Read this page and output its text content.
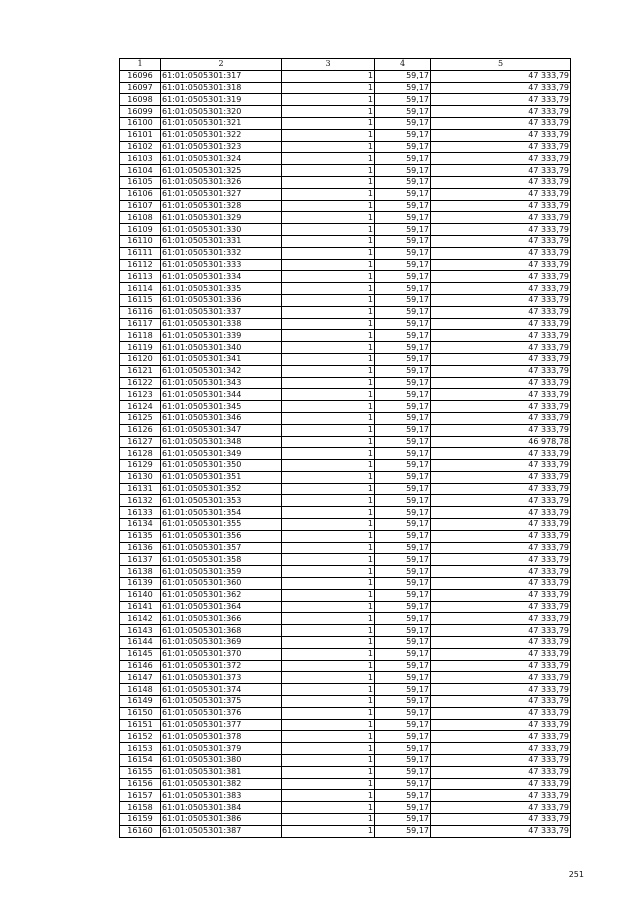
1	2	3	4	5
16096	61:01:0505301:317	1	59,17	47 333,79
16097	61:01:0505301:318	1	59,17	47 333,79
16098	61:01:0505301:319	1	59,17	47 333,79
16099	61:01:0505301:320	1	59,17	47 333,79
16100	61:01:0505301:321	1	59,17	47 333,79
16101	61:01:0505301:322	1	59,17	47 333,79
16102	61:01:0505301:323	1	59,17	47 333,79
16103	61:01:0505301:324	1	59,17	47 333,79
16104	61:01:0505301:325	1	59,17	47 333,79
16105	61:01:0505301:326	1	59,17	47 333,79
16106	61:01:0505301:327	1	59,17	47 333,79
16107	61:01:0505301:328	1	59,17	47 333,79
16108	61:01:0505301:329	1	59,17	47 333,79
16109	61:01:0505301:330	1	59,17	47 333,79
16110	61:01:0505301:331	1	59,17	47 333,79
16111	61:01:0505301:332	1	59,17	47 333,79
16112	61:01:0505301:333	1	59,17	47 333,79
16113	61:01:0505301:334	1	59,17	47 333,79
16114	61:01:0505301:335	1	59,17	47 333,79
16115	61:01:0505301:336	1	59,17	47 333,79
16116	61:01:0505301:337	1	59,17	47 333,79
16117	61:01:0505301:338	1	59,17	47 333,79
16118	61:01:0505301:339	1	59,17	47 333,79
16119	61:01:0505301:340	1	59,17	47 333,79
16120	61:01:0505301:341	1	59,17	47 333,79
16121	61:01:0505301:342	1	59,17	47 333,79
16122	61:01:0505301:343	1	59,17	47 333,79
16123	61:01:0505301:344	1	59,17	47 333,79
16124	61:01:0505301:345	1	59,17	47 333,79
16125	61:01:0505301:346	1	59,17	47 333,79
16126	61:01:0505301:347	1	59,17	47 333,79
16127	61:01:0505301:348	1	59,17	46 978,78
16128	61:01:0505301:349	1	59,17	47 333,79
16129	61:01:0505301:350	1	59,17	47 333,79
16130	61:01:0505301:351	1	59,17	47 333,79
16131	61:01:0505301:352	1	59,17	47 333,79
16132	61:01:0505301:353	1	59,17	47 333,79
16133	61:01:0505301:354	1	59,17	47 333,79
16134	61:01:0505301:355	1	59,17	47 333,79
16135	61:01:0505301:356	1	59,17	47 333,79
16136	61:01:0505301:357	1	59,17	47 333,79
16137	61:01:0505301:358	1	59,17	47 333,79
16138	61:01:0505301:359	1	59,17	47 333,79
16139	61:01:0505301:360	1	59,17	47 333,79
16140	61:01:0505301:362	1	59,17	47 333,79
16141	61:01:0505301:364	1	59,17	47 333,79
16142	61:01:0505301:366	1	59,17	47 333,79
16143	61:01:0505301:368	1	59,17	47 333,79
16144	61:01:0505301:369	1	59,17	47 333,79
16145	61:01:0505301:370	1	59,17	47 333,79
16146	61:01:0505301:372	1	59,17	47 333,79
16147	61:01:0505301:373	1	59,17	47 333,79
16148	61:01:0505301:374	1	59,17	47 333,79
16149	61:01:0505301:375	1	59,17	47 333,79
16150	61:01:0505301:376	1	59,17	47 333,79
16151	61:01:0505301:377	1	59,17	47 333,79
16152	61:01:0505301:378	1	59,17	47 333,79
16153	61:01:0505301:379	1	59,17	47 333,79
16154	61:01:0505301:380	1	59,17	47 333,79
16155	61:01:0505301:381	1	59,17	47 333,79
16156	61:01:0505301:382	1	59,17	47 333,79
16157	61:01:0505301:383	1	59,17	47 333,79
16158	61:01:0505301:384	1	59,17	47 333,79
16159	61:01:0505301:386	1	59,17	47 333,79
16160	61:01:0505301:387	1	59,17	47 333,79
251
